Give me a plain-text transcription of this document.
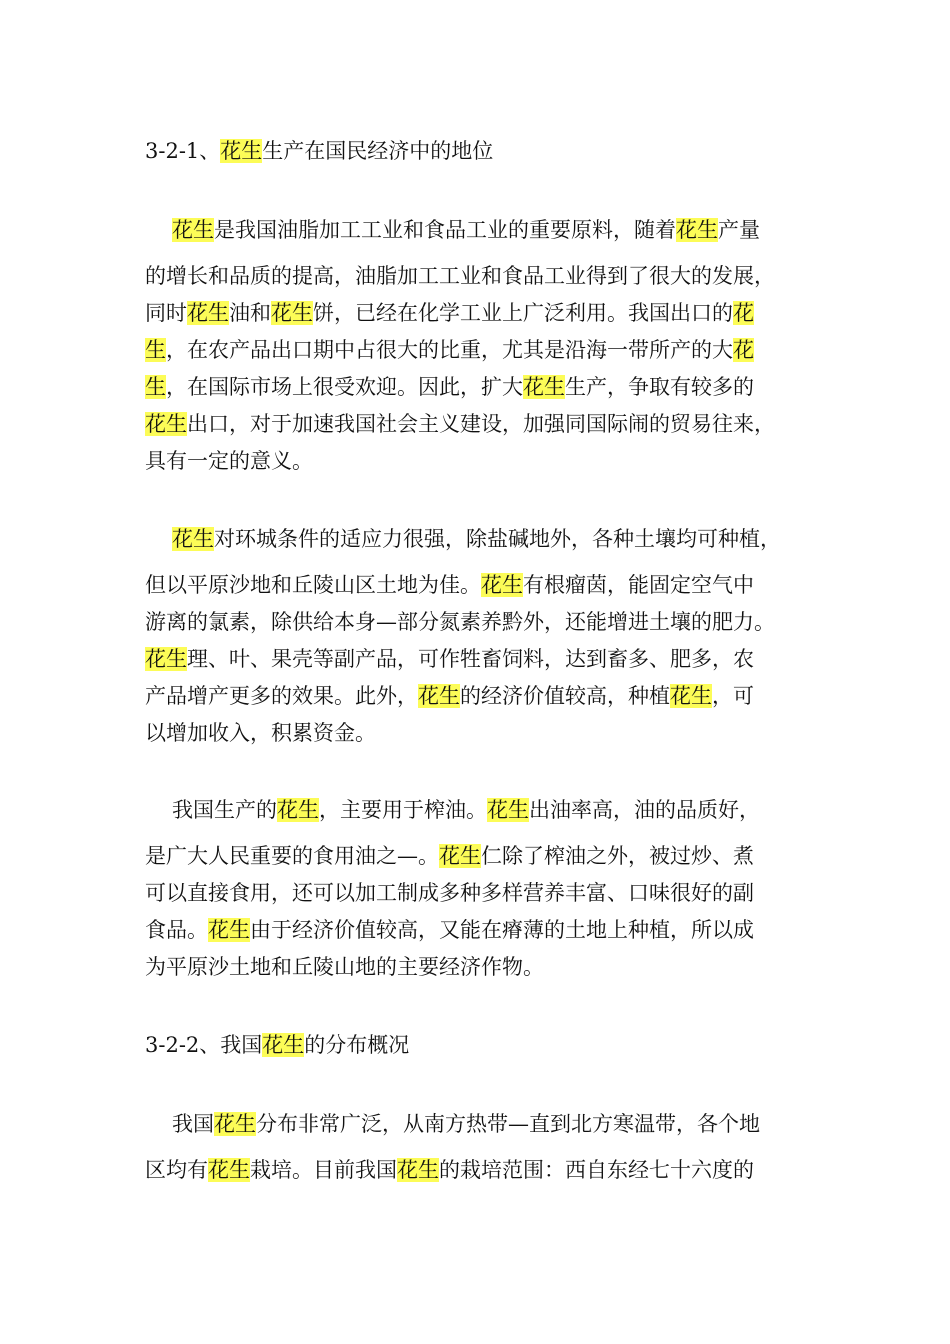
3-2-1、花生生产在国民经济中的地位
花生是我国油脂加工工业和食品工业的重要原料，随着花生产量
的增长和品质的提高，油脂加工工业和食品工业得到了很大的发展，
同时花生油和花生饼，已经在化学工业上广泛利用。我国出口的花
生，在农产品出口期中占很大的比重，尤其是沿海一带所产的大花
生，在国际市场上很受欢迎。因此，扩大花生生产，争取有较多的
花生出口，对于加速我国社会主义建设，加强同国际闹的贸易往来，
具有一定的意义。
花生对环城条件的适应力很强，除盐碱地外，各种土壤均可种植，
但以平原沙地和丘陵山区土地为佳。花生有根瘤茵，能固定空气中
游离的氯素，除供给本身—部分氮素养黔外，还能增进土壤的肥力。
花生理、叶、果壳等副产品，可作牲畜饲料，达到畜多、肥多，农
产品增产更多的效果。此外，花生的经济价值较高，种植花生，可
以增加收入，积累资金。
我国生产的花生，主要用于榨油。花生出油率高，油的品质好，
是广大人民重要的食用油之—。花生仁除了榨油之外，被过炒、煮
可以直接食用，还可以加工制成多种多样营养丰富、口味很好的副
食品。花生由于经济价值较高，又能在瘠薄的土地上种植，所以成
为平原沙土地和丘陵山地的主要经济作物。
3-2-2、我国花生的分布概况
我国花生分布非常广泛，从南方热带—直到北方寒温带，各个地
区均有花生栽培。目前我国花生的栽培范围：西自东经七十六度的
